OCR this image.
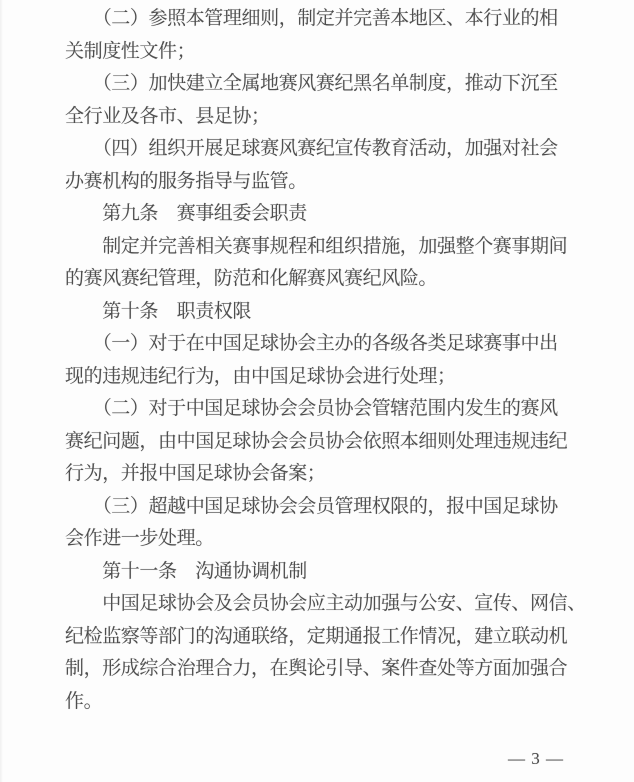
　　（二）参照本管理细则，制定并完善本地区、本行业的相
关制度性文件；
　　（三）加快建立全属地赛风赛纪黑名单制度，推动下沉至
全行业及各市、县足协；
　　（四）组织开展足球赛风赛纪宣传教育活动，加强对社会
办赛机构的服务指导与监管。
　　第九条　赛事组委会职责
　　制定并完善相关赛事规程和组织措施，加强整个赛事期间
的赛风赛纪管理，防范和化解赛风赛纪风险。
　　第十条　职责权限
　　（一）对于在中国足球协会主办的各级各类足球赛事中出
现的违规违纪行为，由中国足球协会进行处理；
　　（二）对于中国足球协会会员协会管辖范围内发生的赛风
赛纪问题，由中国足球协会会员协会依照本细则处理违规违纪
行为，并报中国足球协会备案；
　　（三）超越中国足球协会会员管理权限的，报中国足球协
会作进一步处理。
　　第十一条　沟通协调机制
　　中国足球协会及会员协会应主动加强与公安、宣传、网信、
纪检监察等部门的沟通联络，定期通报工作情况，建立联动机
制，形成综合治理合力，在舆论引导、案件查处等方面加强合
作。
— 3 —
